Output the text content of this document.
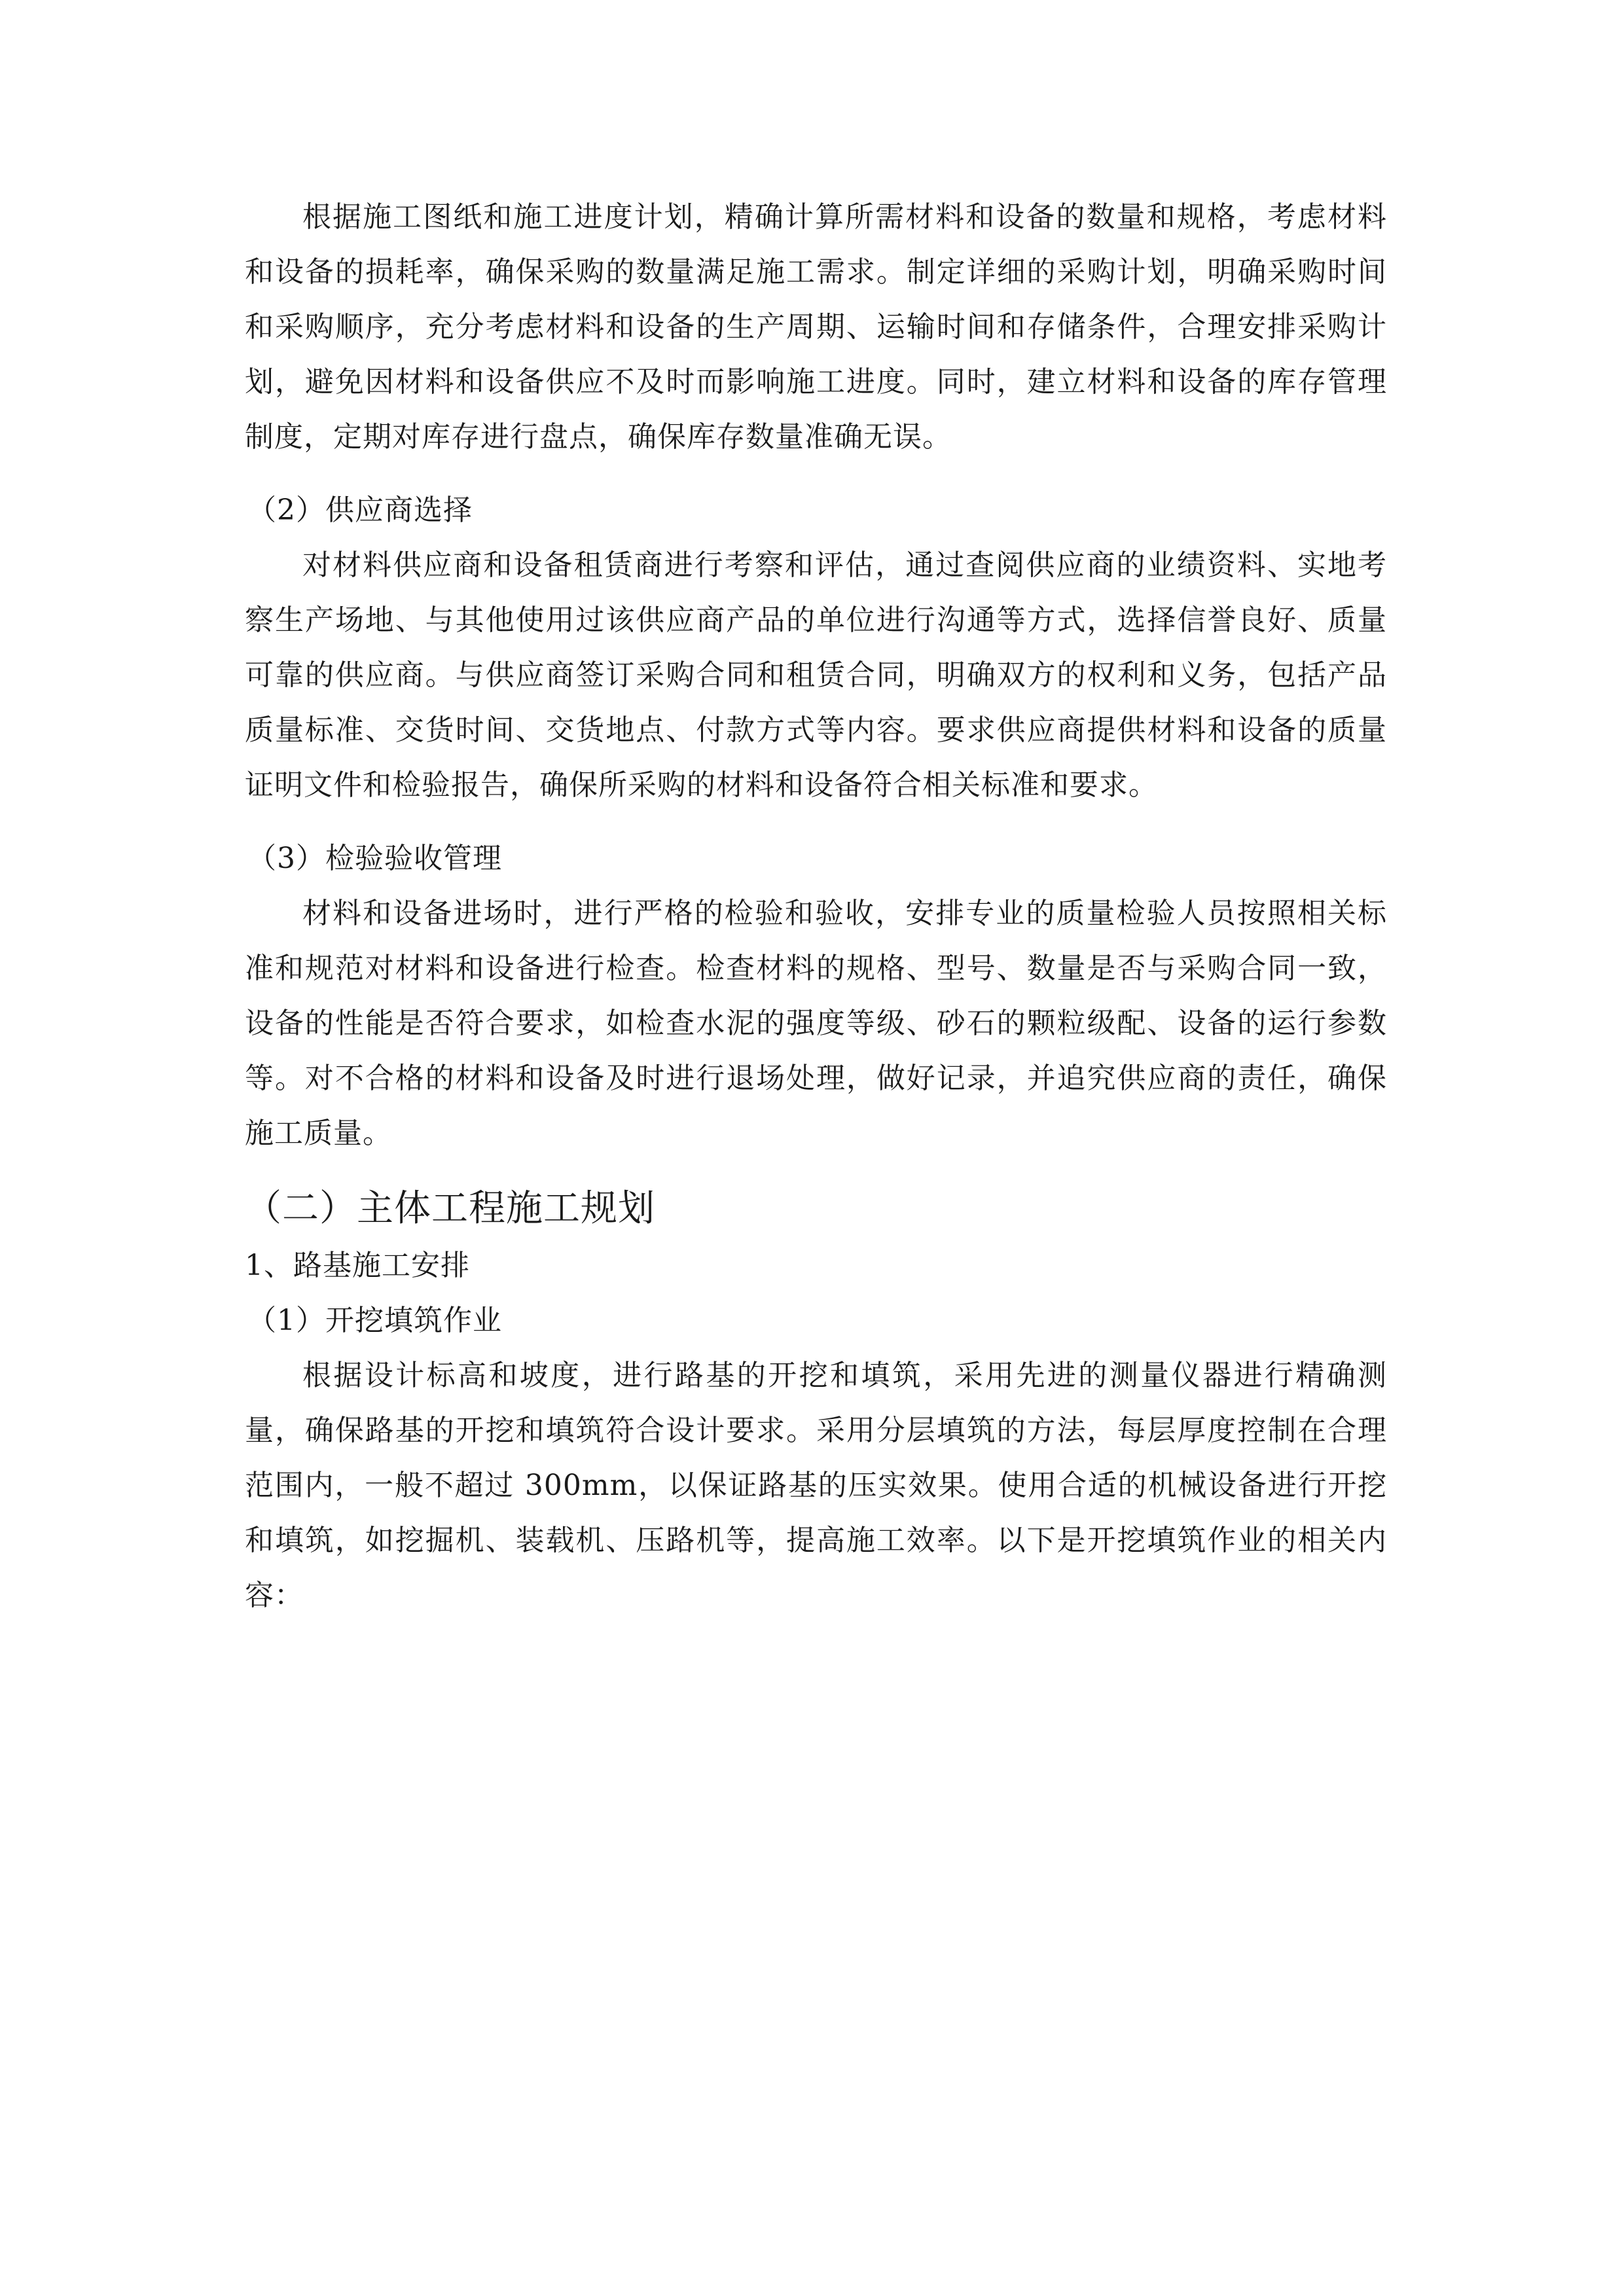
根据施工图纸和施工进度计划，精确计算所需材料和设备的数量和规格，考虑材料和设备的损耗率，确保采购的数量满足施工需求。制定详细的采购计划，明确采购时间和采购顺序，充分考虑材料和设备的生产周期、运输时间和存储条件，合理安排采购计划，避免因材料和设备供应不及时而影响施工进度。同时，建立材料和设备的库存管理制度，定期对库存进行盘点，确保库存数量准确无误。

（2）供应商选择

对材料供应商和设备租赁商进行考察和评估，通过查阅供应商的业绩资料、实地考察生产场地、与其他使用过该供应商产品的单位进行沟通等方式，选择信誉良好、质量可靠的供应商。与供应商签订采购合同和租赁合同，明确双方的权利和义务，包括产品质量标准、交货时间、交货地点、付款方式等内容。要求供应商提供材料和设备的质量证明文件和检验报告，确保所采购的材料和设备符合相关标准和要求。

（3）检验验收管理

材料和设备进场时，进行严格的检验和验收，安排专业的质量检验人员按照相关标准和规范对材料和设备进行检查。检查材料的规格、型号、数量是否与采购合同一致，设备的性能是否符合要求，如检查水泥的强度等级、砂石的颗粒级配、设备的运行参数等。对不合格的材料和设备及时进行退场处理，做好记录，并追究供应商的责任，确保施工质量。

（二）主体工程施工规划

1、路基施工安排

（1）开挖填筑作业

根据设计标高和坡度，进行路基的开挖和填筑，采用先进的测量仪器进行精确测量，确保路基的开挖和填筑符合设计要求。采用分层填筑的方法，每层厚度控制在合理范围内，一般不超过 300mm，以保证路基的压实效果。使用合适的机械设备进行开挖和填筑，如挖掘机、装载机、压路机等，提高施工效率。以下是开挖填筑作业的相关内容：
